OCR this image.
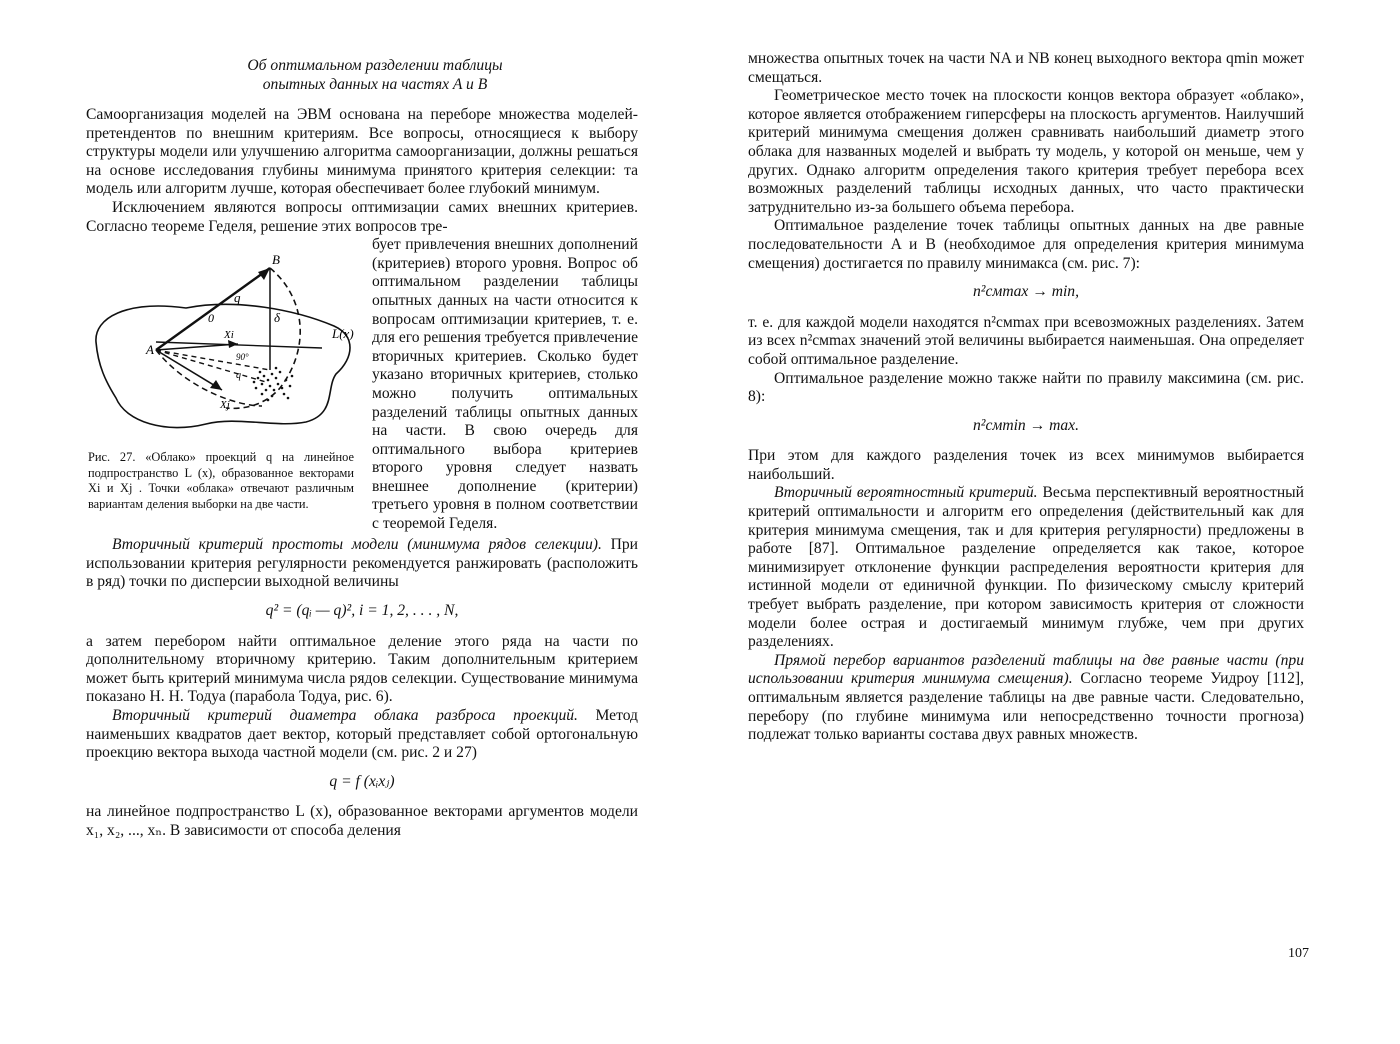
Об оптимальном разделении таблицы
опытных данных на частях A и B

Самоорганизация моделей на ЭВМ основана на переборе множества моделей-претендентов по внешним критериям. Все вопросы, относящиеся к выбору структуры модели или улучшению алгоритма самоорганизации, должны решаться на основе исследования глубины минимума принятого критерия селекции: та модель или алгоритм лучше, которая обеспечивает более глубокий минимум.

Исключением являются вопросы оптимизации самих внешних критериев. Согласно теореме Геделя, решение этих вопросов тре-

A
B
q
0	δ
L(x)
Xi
Xj
90°
q
Рис. 27. «Облако» проекций q на линейное подпространство L (x), образованное векторами Xi и Xj . Точки «облака» отвечают различным вариантам деления выборки на две части.

бует привлечения внешних дополнений (критериев) второго уровня. Вопрос об оптимальном разделении таблицы опытных данных на части относится к вопросам оптимизации критериев, т. е. для его решения требуется привлечение вторичных критериев. Сколько будет указано вторичных критериев, столько можно получить оптимальных разделений таблицы опытных данных на части. В свою очередь для оптимального выбора критериев второго уровня следует назвать внешнее дополнение (критерии) третьего уровня в полном соответствии с теоремой Геделя.

Вторичный критерий простоты модели (минимума рядов селекции). При использовании критерия регулярности рекомендуется ранжировать (расположить в ряд) точки по дисперсии выходной величины

q² = (qᵢ — q)², i = 1, 2, . . . , N,

а затем перебором найти оптимальное деление этого ряда на части по дополнительному вторичному критерию. Таким дополнительным критерием может быть критерий минимума числа рядов селекции. Существование минимума показано Н. Н. Тодуа (парабола Тодуа, рис. 6).

Вторичный критерий диаметра облака разброса проекций. Метод наименьших квадратов дает вектор, который представляет собой ортогональную проекцию вектора выхода частной модели (см. рис. 2 и 27)

q = f (xᵢxⱼ)

на линейное подпространство L (x), образованное векторами аргументов модели x₁, x₂, ..., xₙ. В зависимости от способа деления

множества опытных точек на части NA и NB конец выходного вектора qmin может смещаться.

Геометрическое место точек на плоскости концов вектора образует «облако», которое является отображением гиперсферы на плоскость аргументов. Наилучший критерий минимума смещения должен сравнивать наибольший диаметр этого облака для названных моделей и выбрать ту модель, у которой он меньше, чем у других. Однако алгоритм определения такого критерия требует перебора всех возможных разделений таблицы исходных данных, что часто практически затруднительно из-за большего объема перебора.

Оптимальное разделение точек таблицы опытных данных на две равные последовательности A и B (необходимое для определения критерия минимума смещения) достигается по правилу минимакса (см. рис. 7):

n²смmax → min,

т. е. для каждой модели находятся n²смmax при всевозможных разделениях. Затем из всех n²смmax значений этой величины выбирается наименьшая. Она определяет собой оптимальное разделение.

Оптимальное разделение можно также найти по правилу максимина (см. рис. 8):

n²смmin → max.

При этом для каждого разделения точек из всех минимумов выбирается наибольший.

Вторичный вероятностный критерий. Весьма перспективный вероятностный критерий оптимальности и алгоритм его определения (действительный как для критерия минимума смещения, так и для критерия регулярности) предложены в работе [87]. Оптимальное разделение определяется как такое, которое минимизирует отклонение функции распределения вероятности критерия для истинной модели от единичной функции. По физическому смыслу критерий требует выбрать разделение, при котором зависимость критерия от сложности модели более острая и достигаемый минимум глубже, чем при других разделениях.

Прямой перебор вариантов разделений таблицы на две равные части (при использовании критерия минимума смещения). Согласно теореме Уидроу [112], оптимальным является разделение таблицы на две равные части. Следовательно, перебору (по глубине минимума или непосредственно точности прогноза) подлежат только варианты состава двух равных множеств.

107
